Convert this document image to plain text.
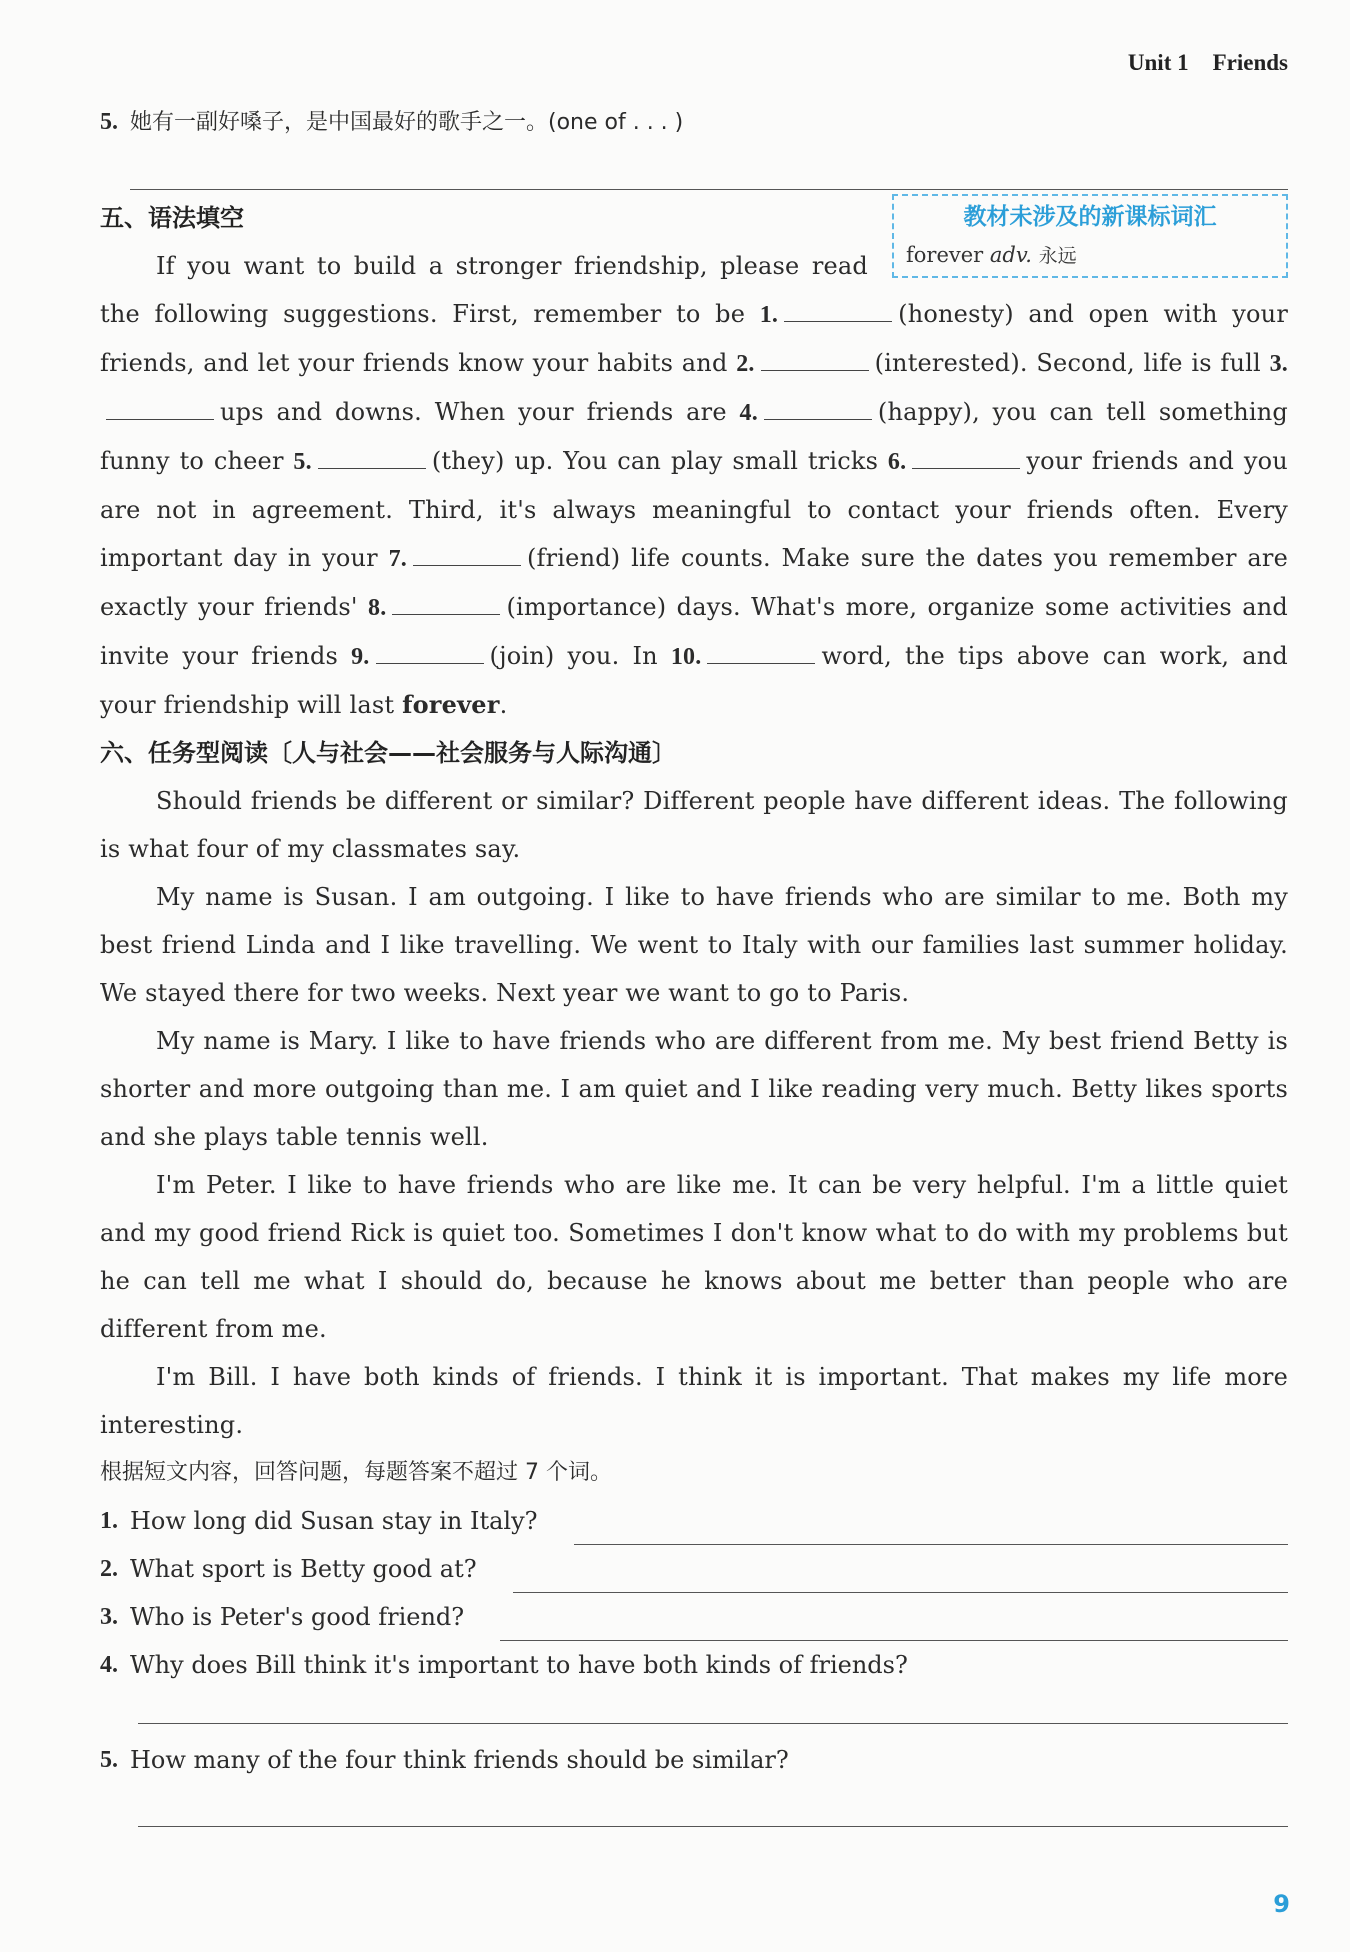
Unit 1 Friends
5. 她有一副好嗓子，是中国最好的歌手之一。(one of . . . )
教材未涉及的新课标词汇
forever adv. 永远
五、语法填空

If you want to build a stronger friendship, please read the following suggestions. First, remember to be 1.	(honesty) and open with your friends, and let your friends know your habits and 2.	(interested). Second, life is full 3.ups and downs. When your friends are 4.	(happy), you can tell something funny to cheer 5.	(they) up. You can play small tricks 6.	your friends and you are not in agreement. Third, it's always meaningful to contact your friends often. Every important day in your 7.	(friend) life counts. Make sure the dates you remember are exactly your friends' 8.	(importance) days. What's more, organize some activities and invite your friends 9.	(join) you. In 10.	word, the tips above can work, and your friendship will last forever.

六、任务型阅读〔人与社会——社会服务与人际沟通〕

Should friends be different or similar? Different people have different ideas. The following is what four of my classmates say.

My name is Susan. I am outgoing. I like to have friends who are similar to me. Both my best friend Linda and I like travelling. We went to Italy with our families last summer holiday. We stayed there for two weeks. Next year we want to go to Paris.

My name is Mary. I like to have friends who are different from me. My best friend Betty is shorter and more outgoing than me. I am quiet and I like reading very much. Betty likes sports and she plays table tennis well.

I'm Peter. I like to have friends who are like me. It can be very helpful. I'm a little quiet and my good friend Rick is quiet too. Sometimes I don't know what to do with my problems but he can tell me what I should do, because he knows about me better than people who are different from me.

I'm Bill. I have both kinds of friends. I think it is important. That makes my life more interesting.

根据短文内容，回答问题，每题答案不超过 7 个词。
1. How long did Susan stay in Italy?
2. What sport is Betty good at?
3. Who is Peter's good friend?
4. Why does Bill think it's important to have both kinds of friends?
5. How many of the four think friends should be similar?
9
